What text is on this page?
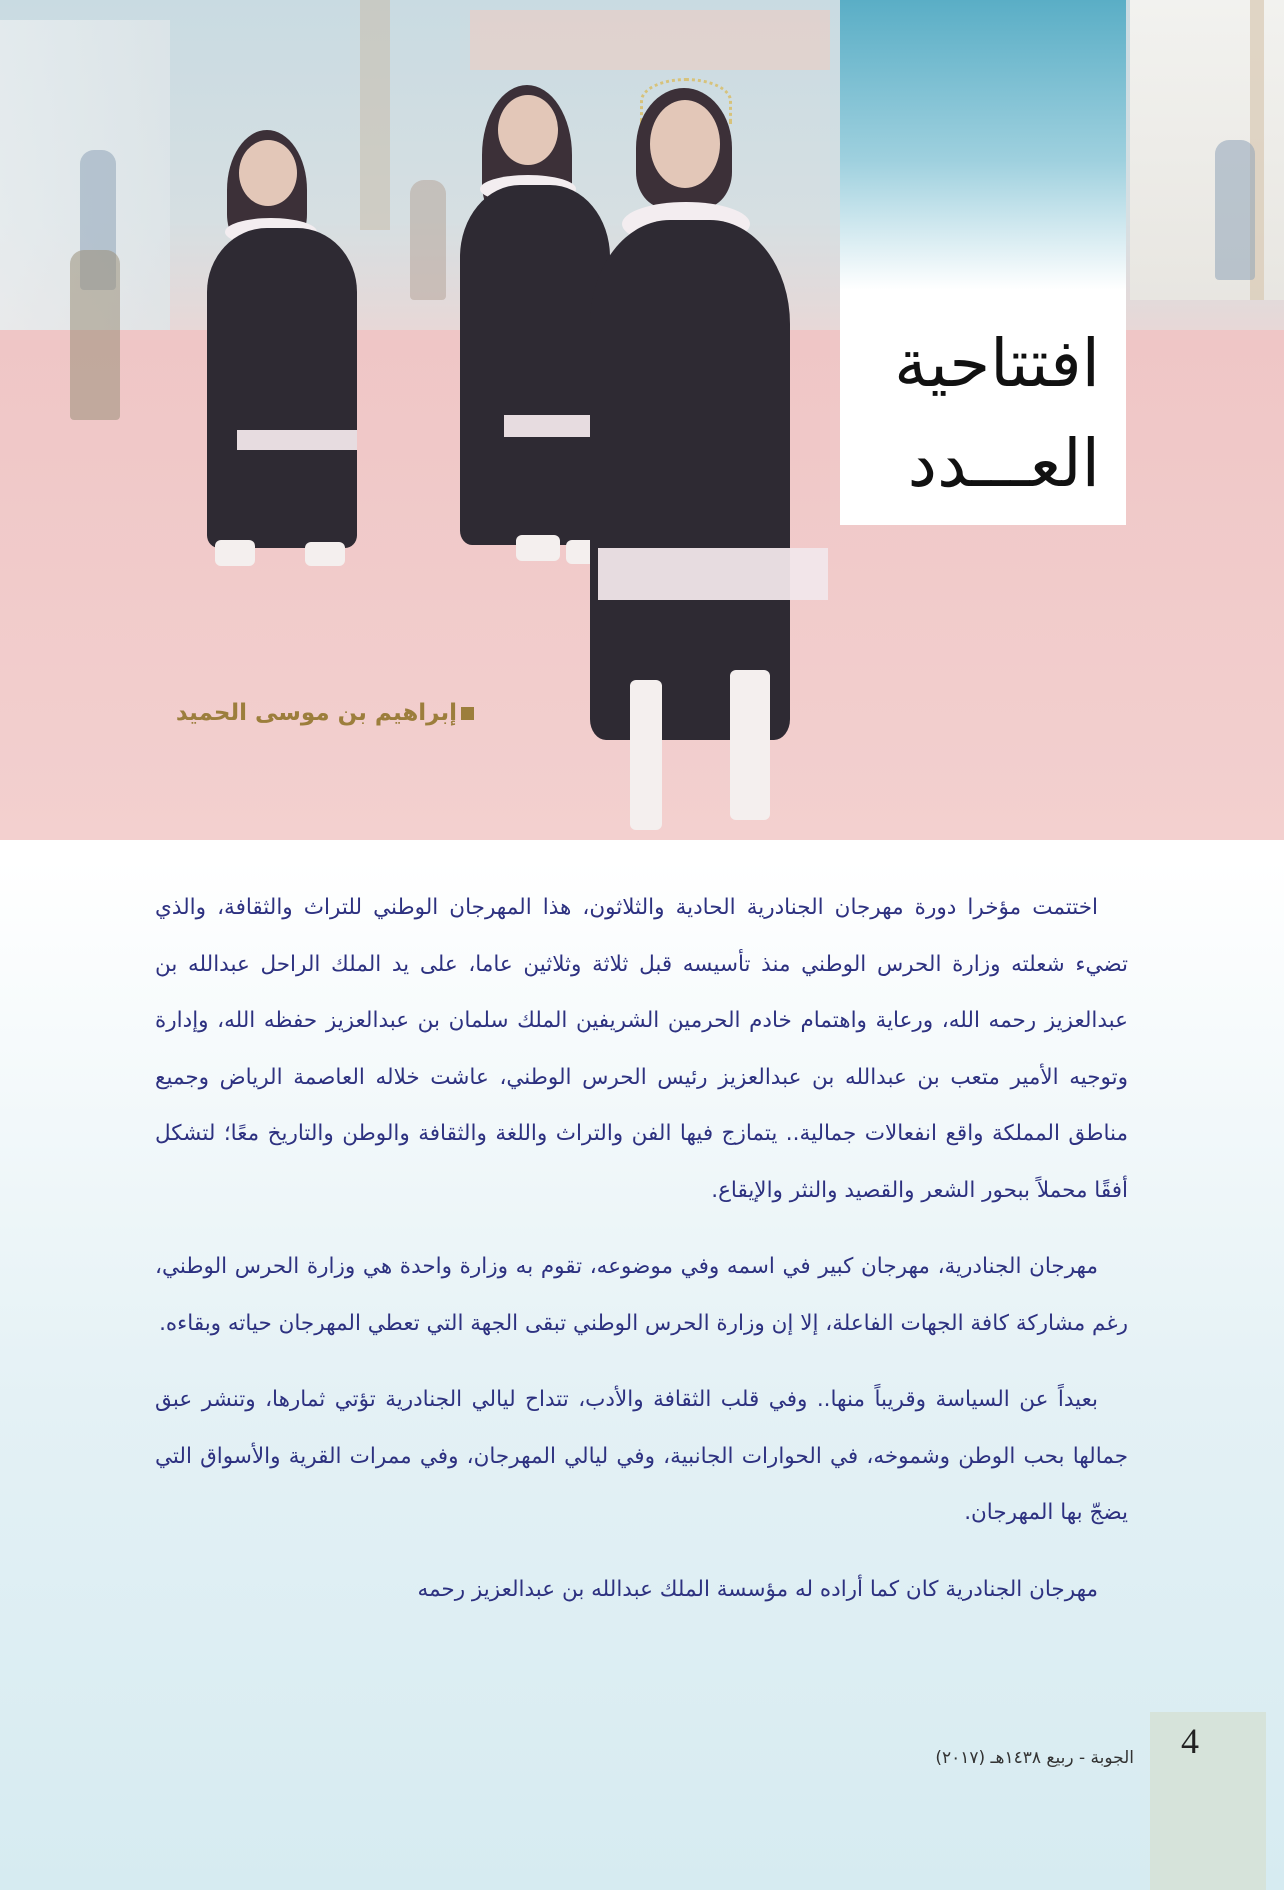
إبراهيم بن موسى الحميد
افتتاحية
العـــدد

اختتمت مؤخرا دورة مهرجان الجنادرية الحادية والثلاثون، هذا المهرجان الوطني للتراث والثقافة، والذي تضيء شعلته وزارة الحرس الوطني منذ تأسيسه قبل ثلاثة وثلاثين عاما، على يد الملك الراحل عبدالله بن عبدالعزيز رحمه الله، ورعاية واهتمام خادم الحرمين الشريفين الملك سلمان بن عبدالعزيز حفظه الله، وإدارة وتوجيه الأمير متعب بن عبدالله بن عبدالعزيز رئيس الحرس الوطني، عاشت خلاله العاصمة الرياض وجميع مناطق المملكة واقع انفعالات جمالية.. يتمازج فيها الفن والتراث واللغة والثقافة والوطن والتاريخ معًا؛ لتشكل أفقًا محملاً ببحور الشعر والقصيد والنثر والإيقاع.

مهرجان الجنادرية، مهرجان كبير في اسمه وفي موضوعه، تقوم به وزارة واحدة هي وزارة الحرس الوطني، رغم مشاركة كافة الجهات الفاعلة، إلا إن وزارة الحرس الوطني تبقى الجهة التي تعطي المهرجان حياته وبقاءه.

بعيداً عن السياسة وقريباً منها.. وفي قلب الثقافة والأدب، تتداح ليالي الجنادرية تؤتي ثمارها، وتنشر عبق جمالها بحب الوطن وشموخه، في الحوارات الجانبية، وفي ليالي المهرجان، وفي ممرات القرية والأسواق التي يضجّ بها المهرجان.

مهرجان الجنادرية كان كما أراده له مؤسسة الملك عبدالله بن عبدالعزيز رحمه

4
الجوبة - ربيع ١٤٣٨هـ (٢٠١٧)
